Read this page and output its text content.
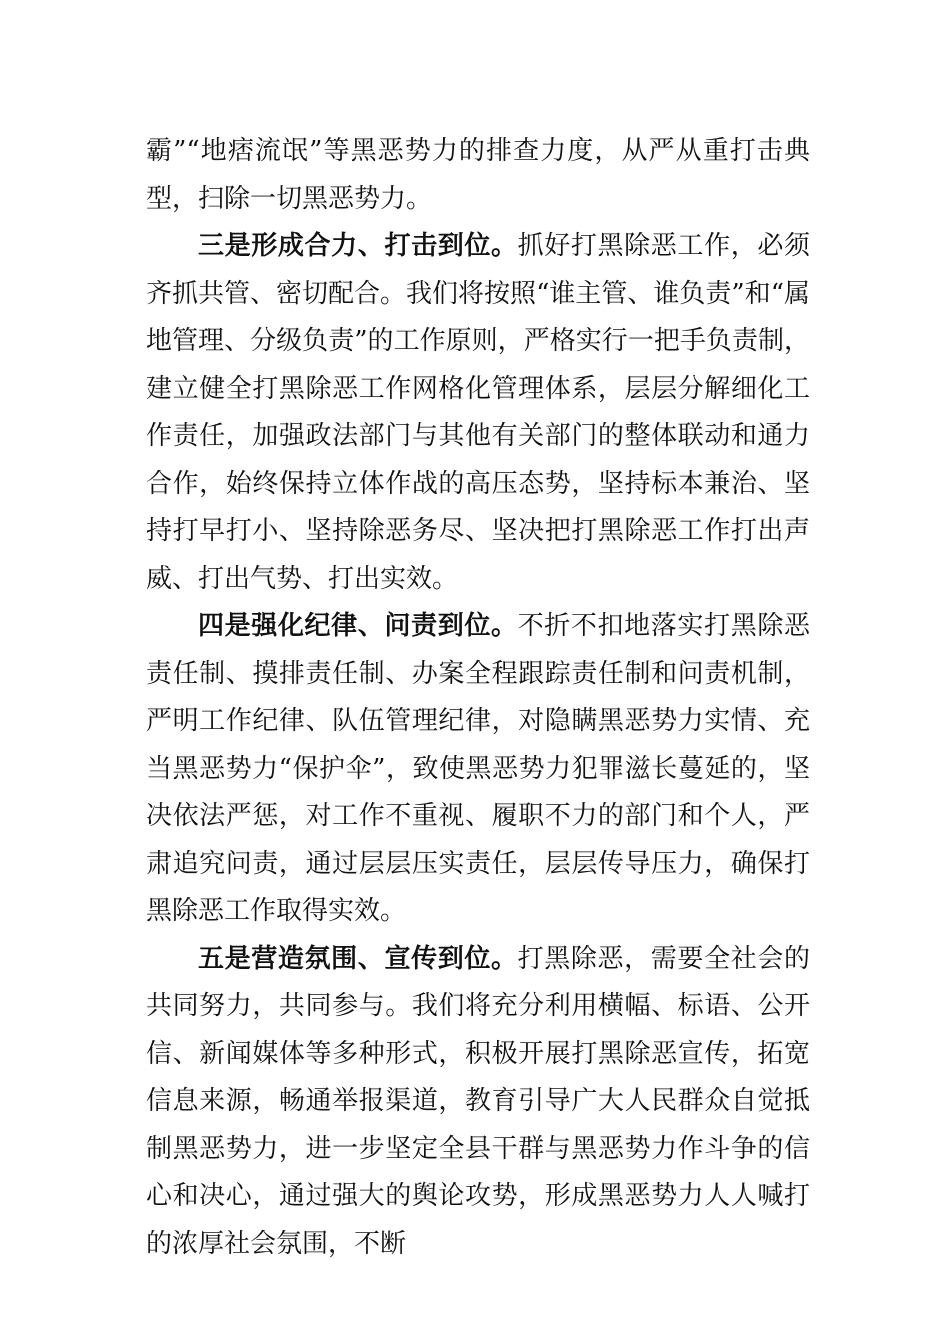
霸”“地痞流氓”等黑恶势力的排查力度，从严从重打击典型，扫除一切黑恶势力。

三是形成合力、打击到位。抓好打黑除恶工作，必须齐抓共管、密切配合。我们将按照“谁主管、谁负责”和“属地管理、分级负责”的工作原则，严格实行一把手负责制，建立健全打黑除恶工作网格化管理体系，层层分解细化工作责任，加强政法部门与其他有关部门的整体联动和通力合作，始终保持立体作战的高压态势，坚持标本兼治、坚持打早打小、坚持除恶务尽、坚决把打黑除恶工作打出声威、打出气势、打出实效。

四是强化纪律、问责到位。不折不扣地落实打黑除恶责任制、摸排责任制、办案全程跟踪责任制和问责机制，严明工作纪律、队伍管理纪律，对隐瞒黑恶势力实情、充当黑恶势力“保护伞”，致使黑恶势力犯罪滋长蔓延的，坚决依法严惩，对工作不重视、履职不力的部门和个人，严肃追究问责，通过层层压实责任，层层传导压力，确保打黑除恶工作取得实效。

五是营造氛围、宣传到位。打黑除恶，需要全社会的共同努力，共同参与。我们将充分利用横幅、标语、公开信、新闻媒体等多种形式，积极开展打黑除恶宣传，拓宽信息来源，畅通举报渠道，教育引导广大人民群众自觉抵制黑恶势力，进一步坚定全县干群与黑恶势力作斗争的信心和决心，通过强大的舆论攻势，形成黑恶势力人人喊打的浓厚社会氛围，不断
